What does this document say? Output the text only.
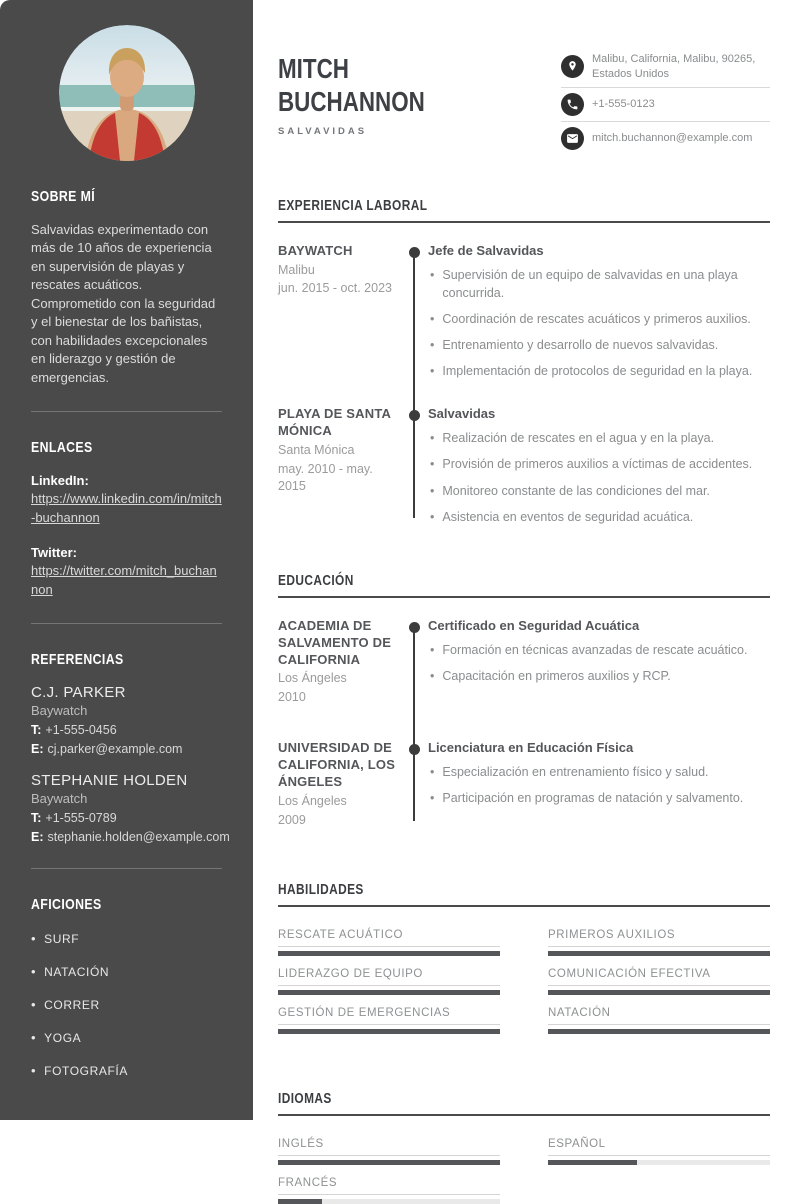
SOBRE MÍ

Salvavidas experimentado con más de 10 años de experiencia en supervisión de playas y rescates acuáticos. Comprometido con la seguridad y el bienestar de los bañistas, con habilidades excepcionales en liderazgo y gestión de emergencias.

ENLACES
LinkedIn:
https://www.linkedin.com/in/mitch-buchannon
Twitter:
https://twitter.com/mitch_buchannon
REFERENCIAS
C.J. PARKER
Baywatch
T: +1-555-0456
E: cj.parker@example.com
STEPHANIE HOLDEN
Baywatch
T: +1-555-0789
E: stephanie.holden@example.com
AFICIONES
• SURF
• NATACIÓN
• CORRER
• YOGA
• FOTOGRAFÍA
MITCH
BUCHANNON
SALVAVIDAS
Malibu, California, Malibu, 90265, Estados Unidos
+1-555-0123
mitch.buchannon@example.com
EXPERIENCIA LABORAL
BAYWATCH
Malibu
jun. 2015 - oct. 2023
Jefe de Salvavidas
• Supervisión de un equipo de salvavidas en una playa concurrida.
• Coordinación de rescates acuáticos y primeros auxilios.
• Entrenamiento y desarrollo de nuevos salvavidas.
• Implementación de protocolos de seguridad en la playa.
PLAYA DE SANTA MÓNICA
Santa Mónica
may. 2010 - may. 2015
Salvavidas
• Realización de rescates en el agua y en la playa.
• Provisión de primeros auxilios a víctimas de accidentes.
• Monitoreo constante de las condiciones del mar.
• Asistencia en eventos de seguridad acuática.
EDUCACIÓN
ACADEMIA DE SALVAMENTO DE CALIFORNIA
Los Ángeles
2010
Certificado en Seguridad Acuática
• Formación en técnicas avanzadas de rescate acuático.
• Capacitación en primeros auxilios y RCP.
UNIVERSIDAD DE CALIFORNIA, LOS ÁNGELES
Los Ángeles
2009
Licenciatura en Educación Física
• Especialización en entrenamiento físico y salud.
• Participación en programas de natación y salvamento.
HABILIDADES
RESCATE ACUÁTICO	PRIMEROS AUXILIOS
LIDERAZGO DE EQUIPO	COMUNICACIÓN EFECTIVA
GESTIÓN DE EMERGENCIAS	NATACIÓN
IDIOMAS
INGLÉS	ESPAÑOL
FRANCÉS
